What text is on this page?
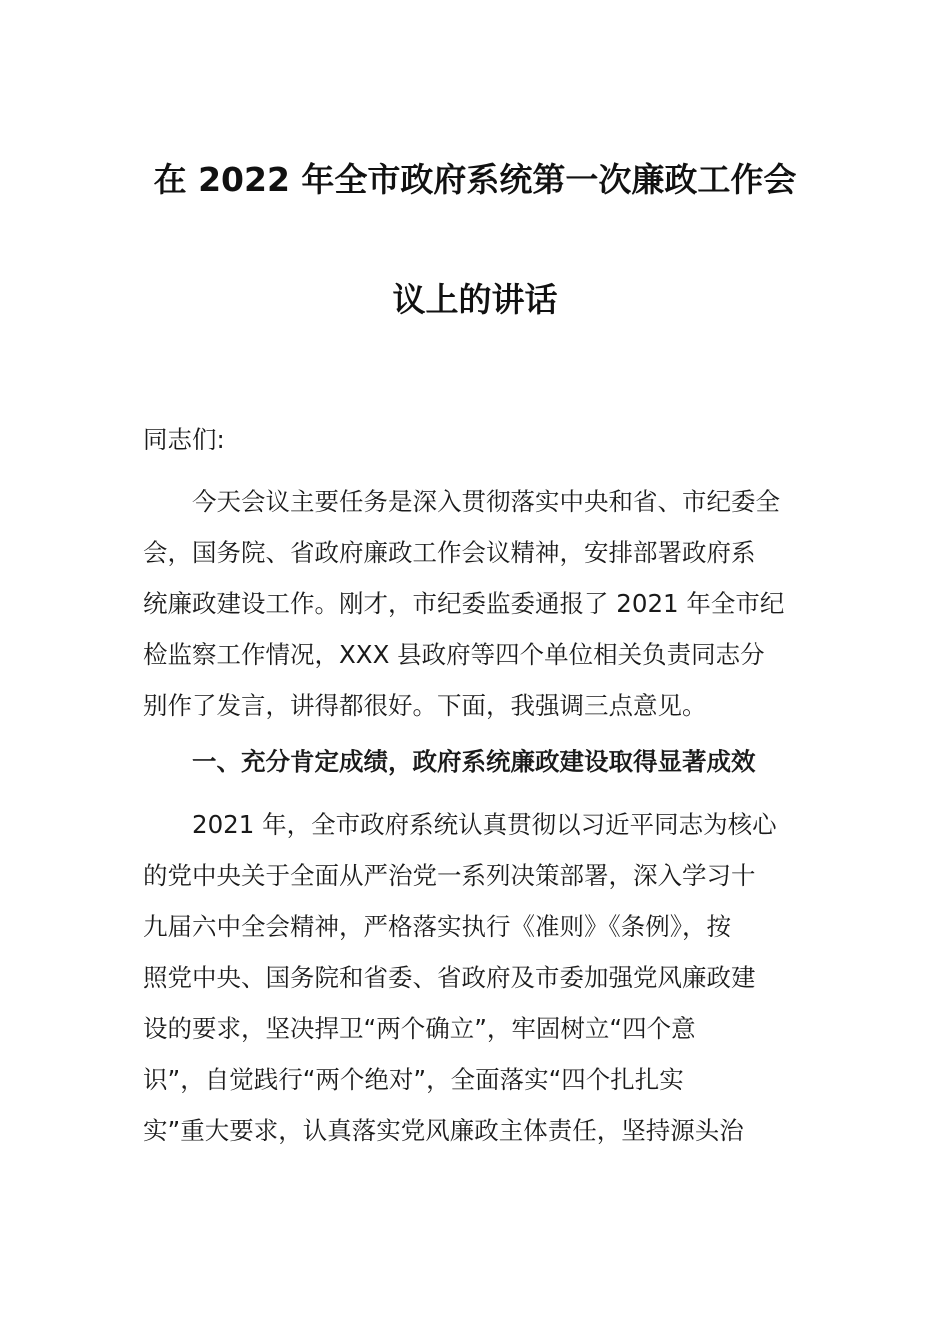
在 2022 年全市政府系统第一次廉政工作会
议上的讲话

同志们:

　　今天会议主要任务是深入贯彻落实中央和省、市纪委全
会，国务院、省政府廉政工作会议精神，安排部署政府系
统廉政建设工作。刚才，市纪委监委通报了 2021 年全市纪
检监察工作情况，XXX 县政府等四个单位相关负责同志分
别作了发言，讲得都很好。下面，我强调三点意见。

　　一、充分肯定成绩，政府系统廉政建设取得显著成效

　　2021 年，全市政府系统认真贯彻以习近平同志为核心
的党中央关于全面从严治党一系列决策部署，深入学习十
九届六中全会精神，严格落实执行《准则》《条例》，按
照党中央、国务院和省委、省政府及市委加强党风廉政建
设的要求，坚决捍卫“两个确立”，牢固树立“四个意
识”，自觉践行“两个绝对”，全面落实“四个扎扎实
实”重大要求，认真落实党风廉政主体责任，坚持源头治
